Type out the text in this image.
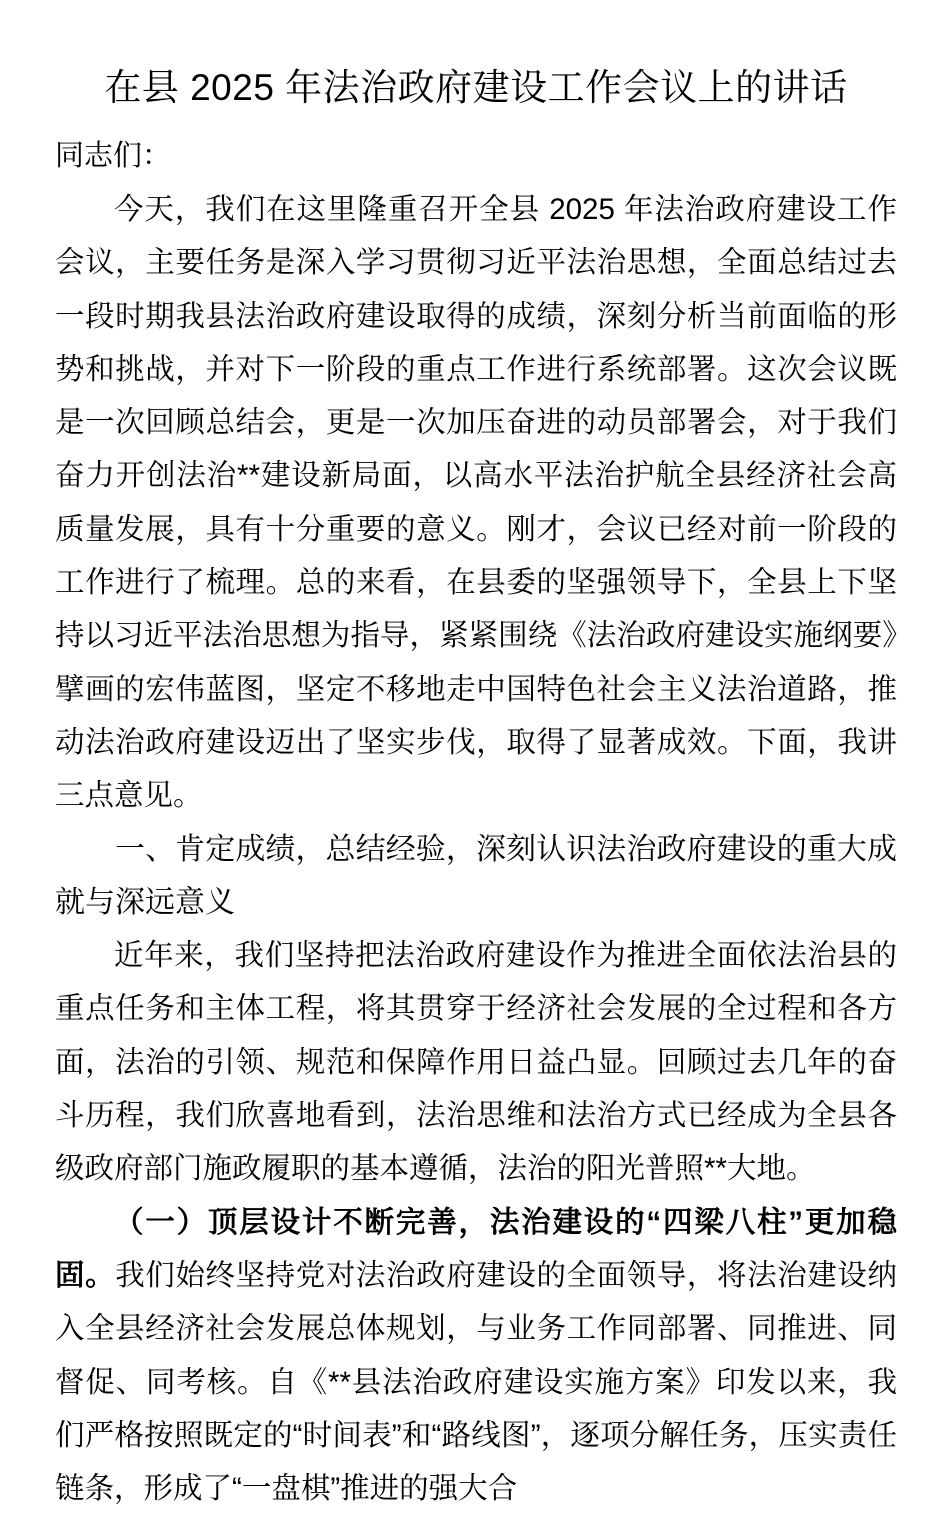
在县 2025 年法治政府建设工作会议上的讲话

同志们：

今天，我们在这里隆重召开全县 2025 年法治政府建设工作会议，主要任务是深入学习贯彻习近平法治思想，全面总结过去一段时期我县法治政府建设取得的成绩，深刻分析当前面临的形势和挑战，并对下一阶段的重点工作进行系统部署。这次会议既是一次回顾总结会，更是一次加压奋进的动员部署会，对于我们奋力开创法治**建设新局面，以高水平法治护航全县经济社会高质量发展，具有十分重要的意义。刚才，会议已经对前一阶段的工作进行了梳理。总的来看，在县委的坚强领导下，全县上下坚持以习近平法治思想为指导，紧紧围绕《法治政府建设实施纲要》擘画的宏伟蓝图，坚定不移地走中国特色社会主义法治道路，推动法治政府建设迈出了坚实步伐，取得了显著成效。下面，我讲三点意见。

一、肯定成绩，总结经验，深刻认识法治政府建设的重大成就与深远意义

近年来，我们坚持把法治政府建设作为推进全面依法治县的重点任务和主体工程，将其贯穿于经济社会发展的全过程和各方面，法治的引领、规范和保障作用日益凸显。回顾过去几年的奋斗历程，我们欣喜地看到，法治思维和法治方式已经成为全县各级政府部门施政履职的基本遵循，法治的阳光普照**大地。

（一）顶层设计不断完善，法治建设的“四梁八柱”更加稳固。我们始终坚持党对法治政府建设的全面领导，将法治建设纳入全县经济社会发展总体规划，与业务工作同部署、同推进、同督促、同考核。自《**县法治政府建设实施方案》印发以来，我们严格按照既定的“时间表”和“路线图”，逐项分解任务，压实责任链条，形成了“一盘棋”推进的强大合
